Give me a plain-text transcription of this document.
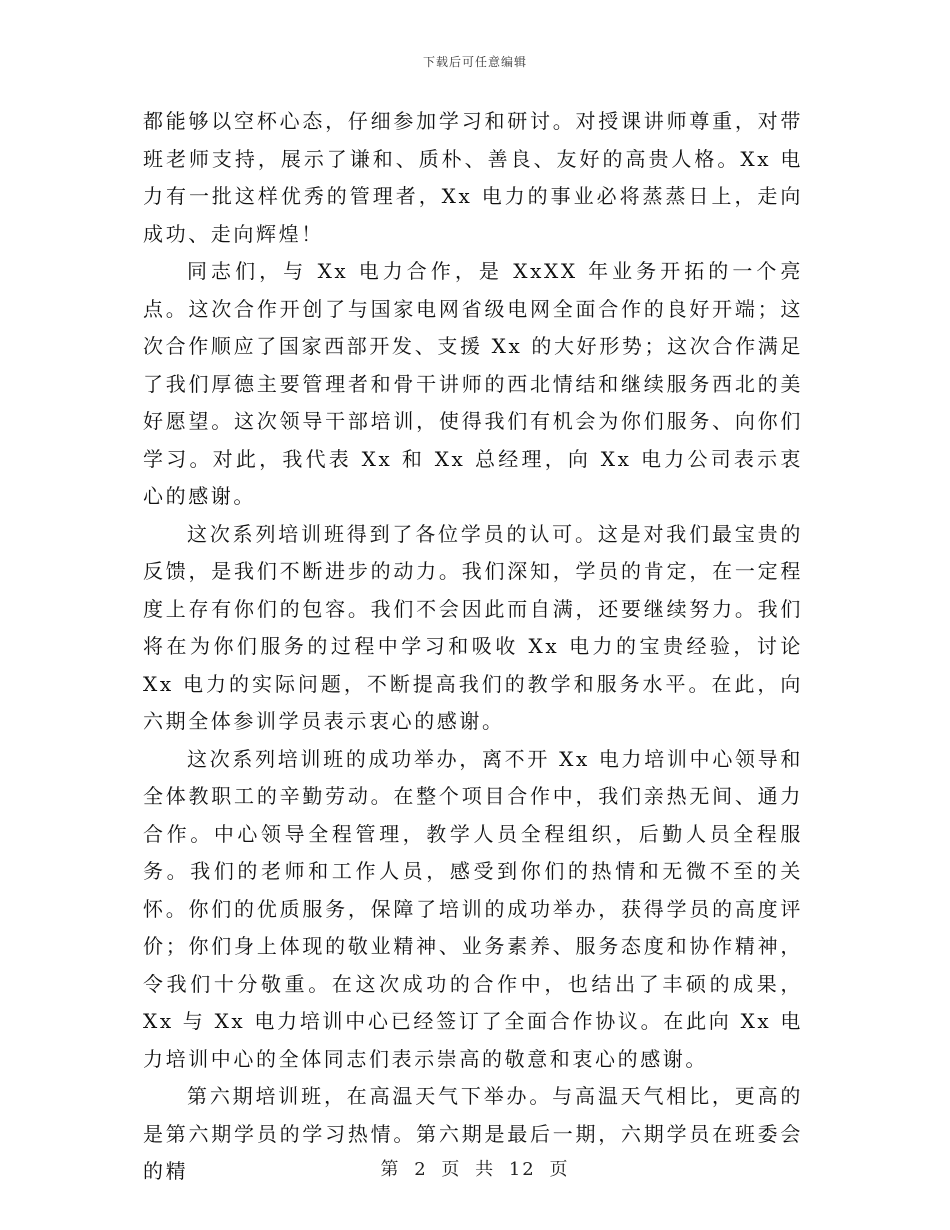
下载后可任意编辑

都能够以空杯心态，仔细参加学习和研讨。对授课讲师尊重，对带班老师支持，展示了谦和、质朴、善良、友好的高贵人格。Xx 电力有一批这样优秀的管理者，Xx 电力的事业必将蒸蒸日上，走向成功、走向辉煌！

同志们，与 Xx 电力合作，是 XxXX 年业务开拓的一个亮点。这次合作开创了与国家电网省级电网全面合作的良好开端；这次合作顺应了国家西部开发、支援 Xx 的大好形势；这次合作满足了我们厚德主要管理者和骨干讲师的西北情结和继续服务西北的美好愿望。这次领导干部培训，使得我们有机会为你们服务、向你们学习。对此，我代表 Xx 和 Xx 总经理，向 Xx 电力公司表示衷心的感谢。

这次系列培训班得到了各位学员的认可。这是对我们最宝贵的反馈，是我们不断进步的动力。我们深知，学员的肯定，在一定程度上存有你们的包容。我们不会因此而自满，还要继续努力。我们将在为你们服务的过程中学习和吸收 Xx 电力的宝贵经验，讨论 Xx 电力的实际问题，不断提高我们的教学和服务水平。在此，向六期全体参训学员表示衷心的感谢。

这次系列培训班的成功举办，离不开 Xx 电力培训中心领导和全体教职工的辛勤劳动。在整个项目合作中，我们亲热无间、通力合作。中心领导全程管理，教学人员全程组织，后勤人员全程服务。我们的老师和工作人员，感受到你们的热情和无微不至的关怀。你们的优质服务，保障了培训的成功举办，获得学员的高度评价；你们身上体现的敬业精神、业务素养、服务态度和协作精神，令我们十分敬重。在这次成功的合作中，也结出了丰硕的成果，Xx 与 Xx 电力培训中心已经签订了全面合作协议。在此向 Xx 电力培训中心的全体同志们表示崇高的敬意和衷心的感谢。

第六期培训班，在高温天气下举办。与高温天气相比，更高的是第六期学员的学习热情。第六期是最后一期，六期学员在班委会的精	第 2 页 共 12 页
